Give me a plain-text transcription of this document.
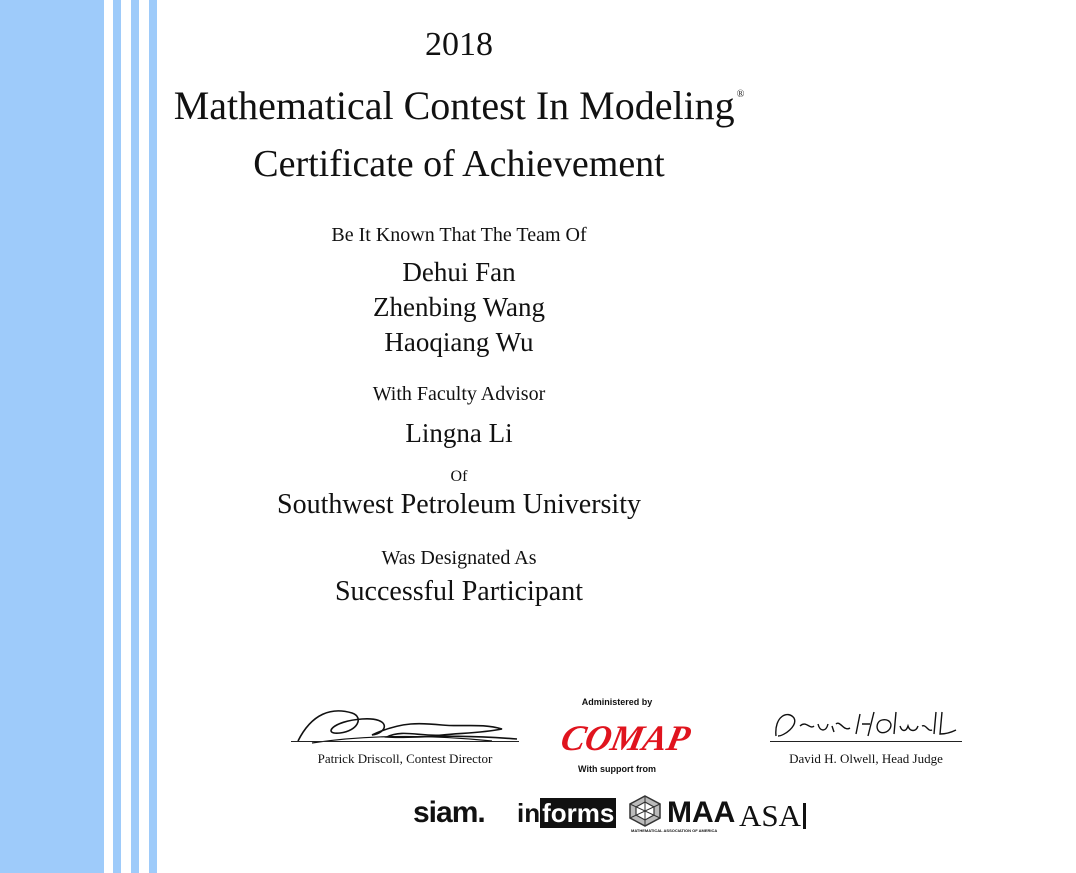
2018
Mathematical Contest In Modeling ®
Certificate of Achievement
Be It Known That The Team Of
Dehui Fan
Zhenbing Wang
Haoqiang Wu
With Faculty Advisor
Lingna Li
Of
Southwest Petroleum University
Was Designated As
Successful Participant
Patrick Driscoll, Contest Director	David H. Olwell, Head Judge
Administered by
COMAP
With support from
siam. informs MAA
MATHEMATICAL ASSOCIATION OF AMERICA ASA
